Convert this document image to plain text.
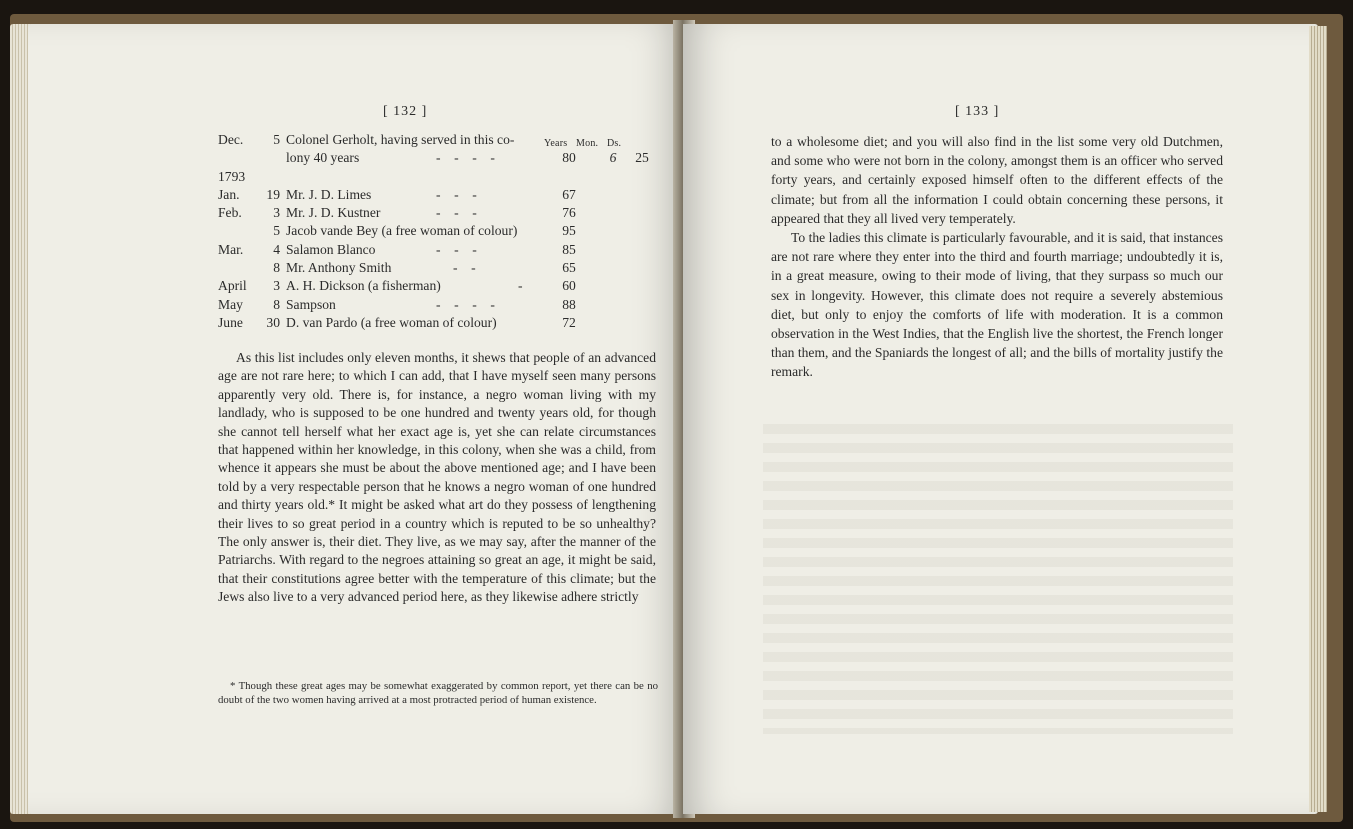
[ 132 ]
Years Mon. Ds.
Dec. 5 Colonel Gerholt, having served in this co-
lony 40 years	-    -    -    -	80	6 25
1793
Jan. 19 Mr. J. D. Limes	-    -    -	67
Feb. 3 Mr. J. D. Kustner	-    -    -	76
5 Jacob vande Bey (a free woman of colour)	95
Mar. 4 Salamon Blanco	-    -    -	85
8 Mr. Anthony Smith	-    -	65
April 3 A. H. Dickson (a fisherman)	-	60
May 8 Sampson	-    -    -    -	88
June 30 D. van Pardo (a free woman of colour)	72

As this list includes only eleven months, it shews that people of an advanced age are not rare here; to which I can add, that I have myself seen many persons apparently very old. There is, for instance, a negro woman living with my landlady, who is supposed to be one hundred and twenty years old, for though she cannot tell herself what her exact age is, yet she can relate circumstances that happened within her knowledge, in this colony, when she was a child, from whence it appears she must be about the above mentioned age; and I have been told by a very respectable person that he knows a negro woman of one hundred and thirty years old.* It might be asked what art do they possess of lengthening their lives to so great period in a country which is reputed to be so unhealthy? The only answer is, their diet. They live, as we may say, after the manner of the Patriarchs. With regard to the negroes attaining so great an age, it might be said, that their constitutions agree better with the temperature of this climate; but the Jews also live to a very advanced period here, as they likewise adhere strictly

* Though these great ages may be somewhat exaggerated by common report, yet there can be no doubt of the two women having arrived at a most protracted period of human existence.

[ 133 ]

to a wholesome diet; and you will also find in the list some very old Dutchmen, and some who were not born in the colony, amongst them is an officer who served forty years, and certainly exposed himself often to the different effects of the climate; but from all the information I could obtain concerning these persons, it appeared that they all lived very temperately.

To the ladies this climate is particularly favourable, and it is said, that instances are not rare where they enter into the third and fourth marriage; undoubtedly it is, in a great measure, owing to their mode of living, that they surpass so much our sex in longevity. However, this climate does not require a severely abstemious diet, but only to enjoy the comforts of life with moderation. It is a common observation in the West Indies, that the English live the shortest, the French longer than them, and the Spaniards the longest of all; and the bills of mortality justify the remark.
